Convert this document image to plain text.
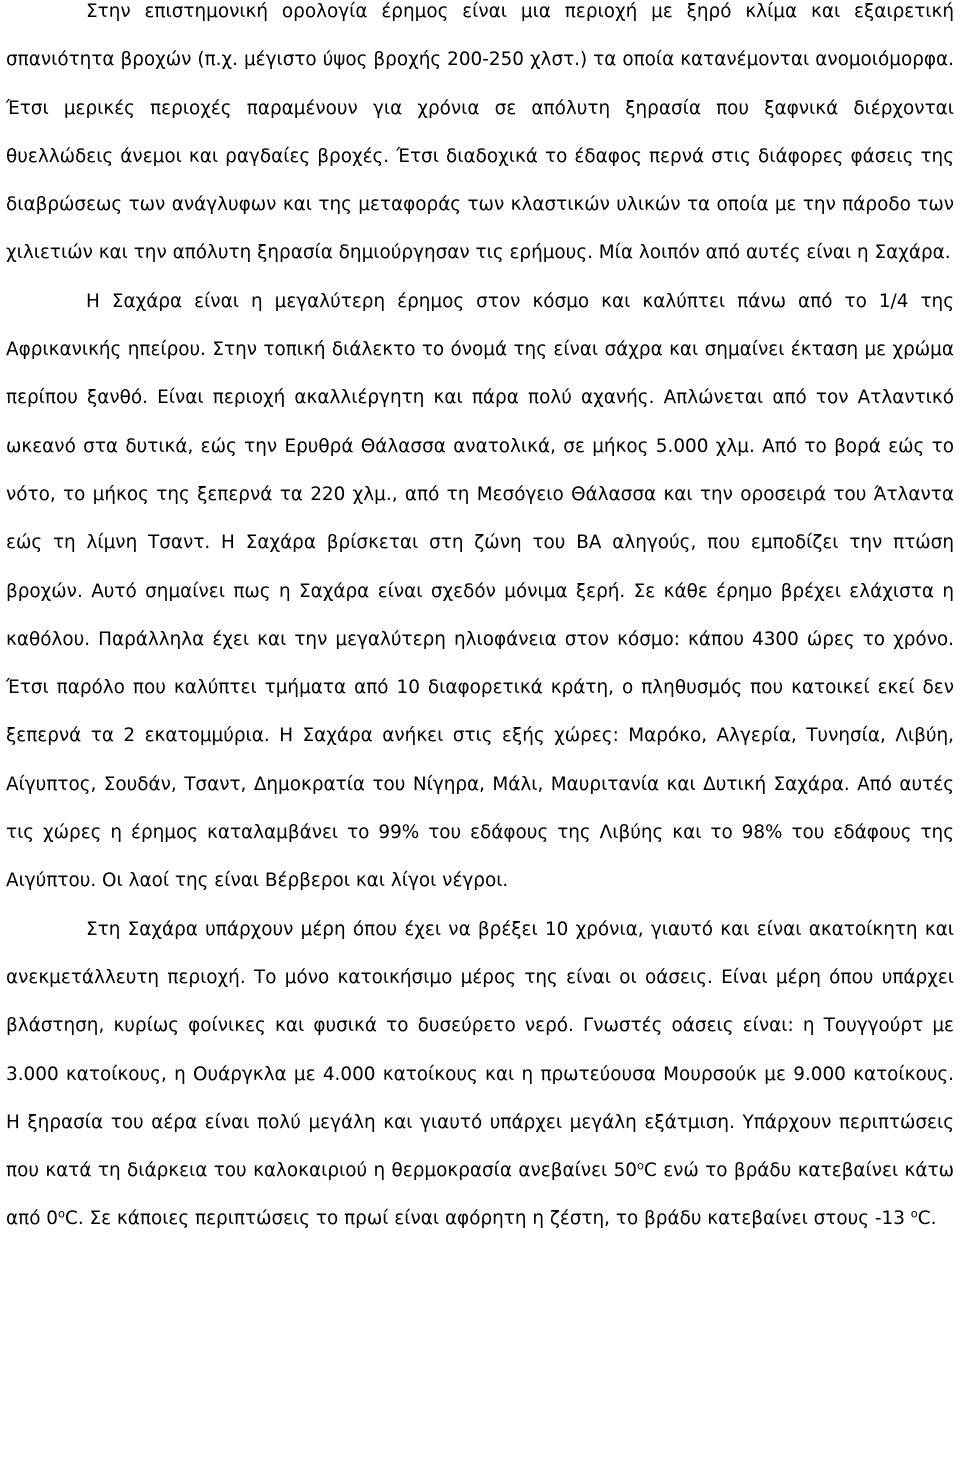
Στην επιστημονική ορολογία έρημος είναι μια περιοχή με ξηρό κλίμα και εξαιρετική σπανιότητα βροχών (π.χ. μέγιστο ύψος βροχής 200-250 χλστ.) τα οποία κατανέμονται ανομοιόμορφα. Έτσι μερικές περιοχές παραμένουν για χρόνια σε απόλυτη ξηρασία που ξαφνικά διέρχονται θυελλώδεις άνεμοι και ραγδαίες βροχές. Έτσι διαδοχικά το έδαφος περνά στις διάφορες φάσεις της διαβρώσεως των ανάγλυφων και της μεταφοράς των κλαστικών υλικών τα οποία με την πάροδο των χιλιετιών και την απόλυτη ξηρασία δημιούργησαν τις ερήμους. Μία λοιπόν από αυτές είναι η Σαχάρα.

Η Σαχάρα είναι η μεγαλύτερη έρημος στον κόσμο και καλύπτει πάνω από το 1/4 της Αφρικανικής ηπείρου. Στην τοπική διάλεκτο το όνομά της είναι σάχρα και σημαίνει έκταση με χρώμα περίπου ξανθό. Είναι περιοχή ακαλλιέργητη και πάρα πολύ αχανής. Απλώνεται από τον Ατλαντικό ωκεανό στα δυτικά, εώς την Ερυθρά Θάλασσα ανατολικά, σε μήκος 5.000 χλμ. Από το βορά εώς το νότο, το μήκος της ξεπερνά τα 220 χλμ., από τη Μεσόγειο Θάλασσα και την οροσειρά του Άτλαντα εώς τη λίμνη Τσαντ. Η Σαχάρα βρίσκεται στη ζώνη του ΒΑ αληγούς, που εμποδίζει την πτώση βροχών. Αυτό σημαίνει πως η Σαχάρα είναι σχεδόν μόνιμα ξερή. Σε κάθε έρημο βρέχει ελάχιστα η καθόλου. Παράλληλα έχει και την μεγαλύτερη ηλιοφάνεια στον κόσμο: κάπου 4300 ώρες το χρόνο. Έτσι παρόλο που καλύπτει τμήματα από 10 διαφορετικά κράτη, ο πληθυσμός που κατοικεί εκεί δεν ξεπερνά τα 2 εκατομμύρια. Η Σαχάρα ανήκει στις εξής χώρες: Μαρόκο, Αλγερία, Τυνησία, Λιβύη, Αίγυπτος, Σουδάν, Τσαντ, Δημοκρατία του Νίγηρα, Μάλι, Μαυριτανία και Δυτική Σαχάρα. Από αυτές τις χώρες η έρημος καταλαμβάνει το 99% του εδάφους της Λιβύης και το 98% του εδάφους της Αιγύπτου. Οι λαοί της είναι Βέρβεροι και λίγοι νέγροι.

Στη Σαχάρα υπάρχουν μέρη όπου έχει να βρέξει 10 χρόνια, γιαυτό και είναι ακατοίκητη και ανεκμετάλλευτη περιοχή. Το μόνο κατοικήσιμο μέρος της είναι οι οάσεις. Είναι μέρη όπου υπάρχει βλάστηση, κυρίως φοίνικες και φυσικά το δυσεύρετο νερό. Γνωστές οάσεις είναι: η Τουγγούρτ με 3.000 κατοίκους, η Ουάργκλα με 4.000 κατοίκους και η πρωτεύουσα Μουρσούκ με 9.000 κατοίκους. Η ξηρασία του αέρα είναι πολύ μεγάλη και γιαυτό υπάρχει μεγάλη εξάτμιση. Υπάρχουν περιπτώσεις που κατά τη διάρκεια του καλοκαιριού η θερμοκρασία ανεβαίνει $50^oC$ ενώ το βράδυ κατεβαίνει κάτω από $0^oC$. Σε κάποιες περιπτώσεις το πρωί είναι αφόρητη η ζέστη, το βράδυ κατεβαίνει στους -13 $^o$C.
